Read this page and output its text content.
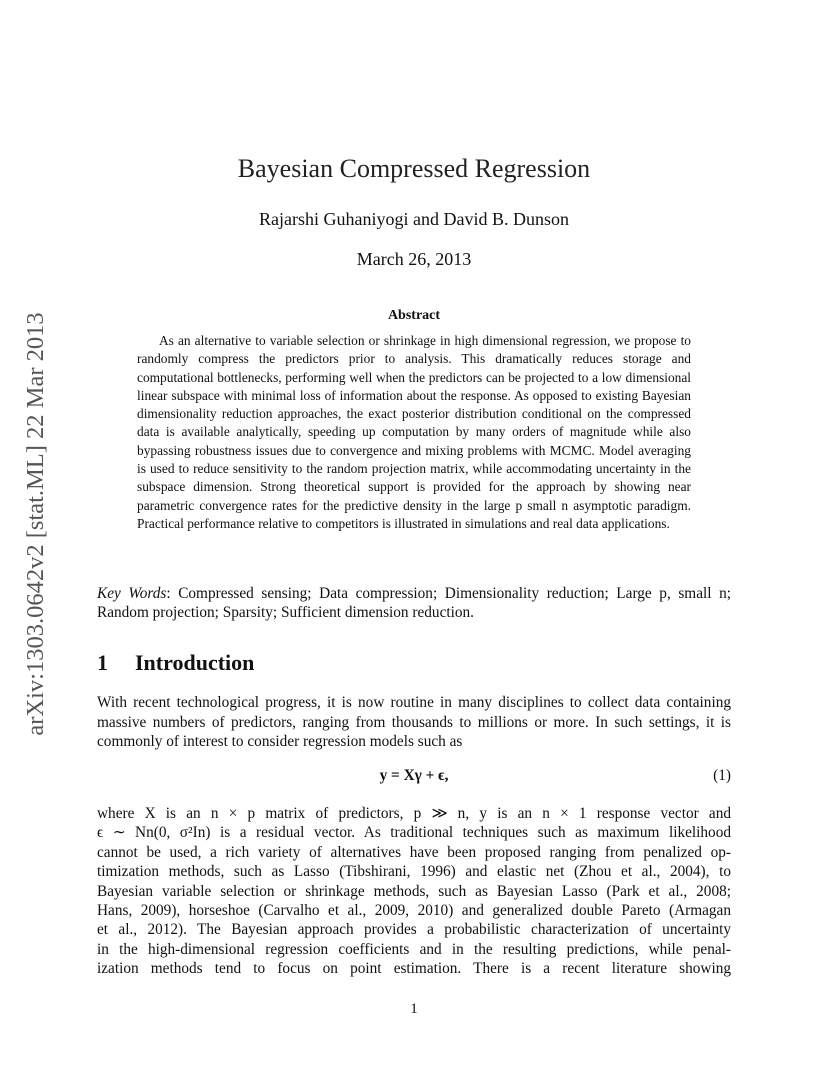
arXiv:1303.0642v2 [stat.ML] 22 Mar 2013
Bayesian Compressed Regression
Rajarshi Guhaniyogi and David B. Dunson
March 26, 2013
Abstract

As an alternative to variable selection or shrinkage in high dimensional regression, we propose to randomly compress the predictors prior to analysis. This dramatically reduces storage and computational bottlenecks, performing well when the predictors can be projected to a low dimensional linear subspace with minimal loss of information about the response. As opposed to existing Bayesian dimensionality reduction approaches, the exact posterior distribution conditional on the compressed data is available analytically, speeding up computation by many orders of magnitude while also bypassing robustness issues due to convergence and mixing problems with MCMC. Model averaging is used to reduce sensitivity to the random projection matrix, while accommodating uncertainty in the subspace dimension. Strong theoretical support is provided for the approach by showing near parametric convergence rates for the predictive density in the large p small n asymptotic paradigm. Practical performance relative to competitors is illustrated in simulations and real data applications.

Key Words: Compressed sensing; Data compression; Dimensionality reduction; Large p, small n; Random projection; Sparsity; Sufficient dimension reduction.

1 Introduction

With recent technological progress, it is now routine in many disciplines to collect data containing massive numbers of predictors, ranging from thousands to millions or more. In such settings, it is commonly of interest to consider regression models such as

y = Xγ + ϵ,	(1)
where X is an n × p matrix of predictors, p ≫ n, y is an n × 1 response vector and
ϵ ∼ Nn(0, σ²In) is a residual vector. As traditional techniques such as maximum likelihood
cannot be used, a rich variety of alternatives have been proposed ranging from penalized op-
timization methods, such as Lasso (Tibshirani, 1996) and elastic net (Zhou et al., 2004), to
Bayesian variable selection or shrinkage methods, such as Bayesian Lasso (Park et al., 2008;
Hans, 2009), horseshoe (Carvalho et al., 2009, 2010) and generalized double Pareto (Armagan
et al., 2012). The Bayesian approach provides a probabilistic characterization of uncertainty
in the high-dimensional regression coefficients and in the resulting predictions, while penal-
ization methods tend to focus on point estimation. There is a recent literature showing
1
